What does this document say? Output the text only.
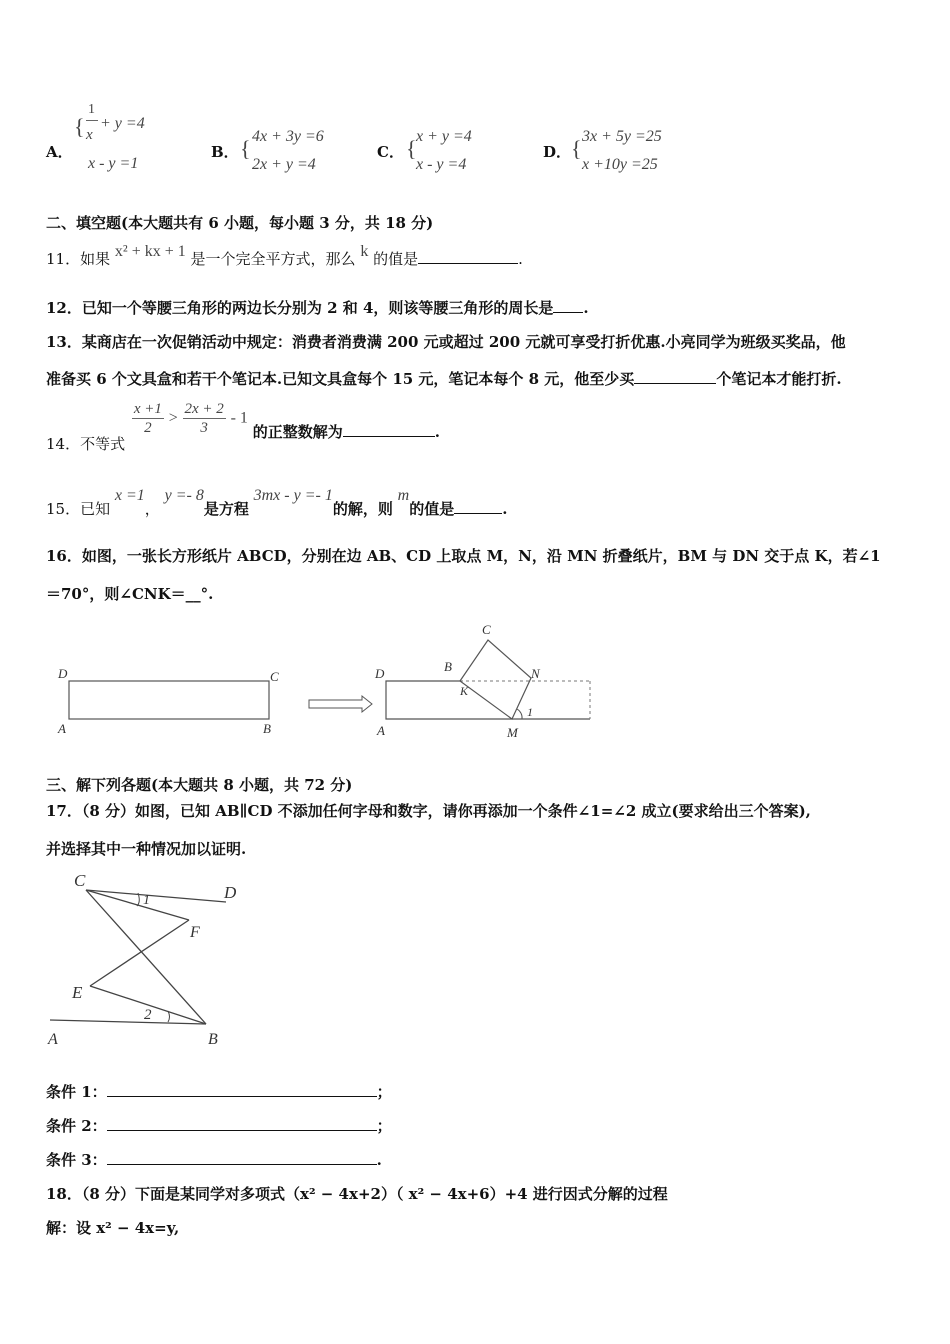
A．
{
1
x
+ y =4
x - y =1
B． { 4x + 3y =6
2x + y =4
C． { x + y =4
x - y =4
D． { 3x + 5y =25
x +10y =25
二、填空题(本大题共有 6 小题，每小题 3 分，共 18 分)
11．如果 x² + kx + 1 是一个完全平方式，那么 k 的值是	.
12．已知一个等腰三角形的两边长分别为 2 和 4，则该等腰三角形的周长是 .
13．某商店在一次促销活动中规定：消费者消费满 200 元或超过 200 元就可享受打折优惠.小亮同学为班级买奖品，他
准备买 6 个文具盒和若干个笔记本.已知文具盒每个 15 元，笔记本每个 8 元，他至少买	个笔记本才能打折.
14．不等式
$\frac{x +1}{2} > \frac{2x + 2}{3} - 1$ 的正整数解为	.
15．已知 x =1， y =- 8是方程 3mx - y =- 1的解，则 m的值是	.
16．如图，一张长方形纸片 ABCD，分别在边 AB、CD 上取点 M，N，沿 MN 折叠纸片，BM 与 DN 交于点 K，若∠1
＝70°，则∠CNK＝__°.
D	C
A	B
C
B	N
K
D
A	M
1
三、解下列各题(本大题共 8 小题，共 72 分)
17．（8 分）如图，已知 AB∥CD 不添加任何字母和数字，请你再添加一个条件∠1=∠2 成立(要求给出三个答案),
并选择其中一种情况加以证明.
C
D
F
E
A	B
1
2
条件 1：	；
条件 2：	；
条件 3：	.
18．（8 分）下面是某同学对多项式（x² − 4x+2）（ x² − 4x+6）+4 进行因式分解的过程
解：设 x² − 4x=y,
